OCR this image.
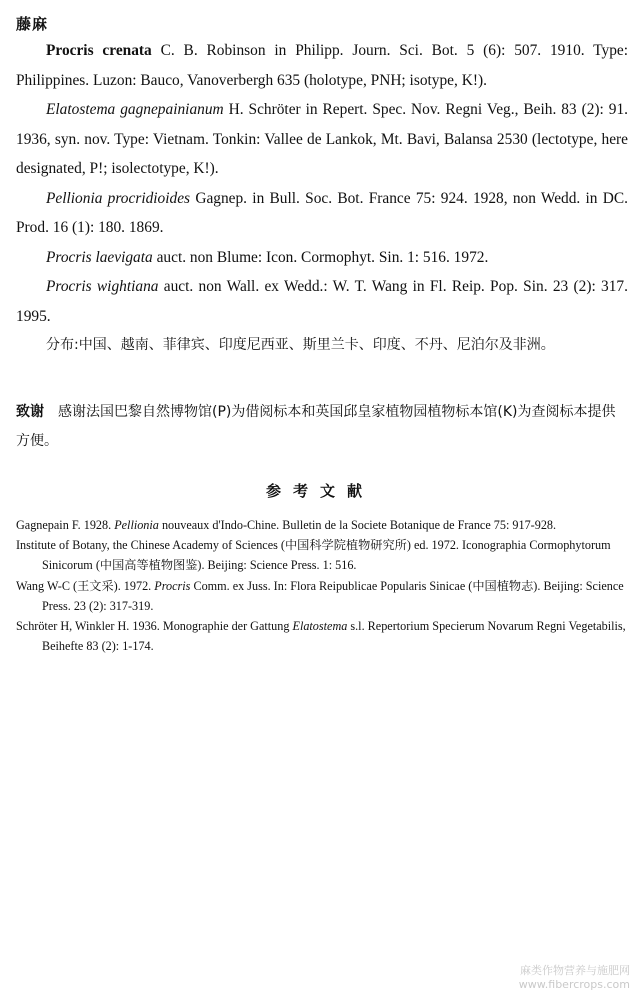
藤麻
Procris crenata C. B. Robinson in Philipp. Journ. Sci. Bot. 5 (6): 507. 1910. Type: Philippines. Luzon: Bauco, Vanoverbergh 635 (holotype, PNH; isotype, K!).
Elatostema gagnepainianum H. Schröter in Repert. Spec. Nov. Regni Veg., Beih. 83 (2): 91. 1936, syn. nov. Type: Vietnam. Tonkin: Vallee de Lankok, Mt. Bavi, Balansa 2530 (lectotype, here designated, P!; isolectotype, K!).
Pellionia procridioides Gagnep. in Bull. Soc. Bot. France 75: 924. 1928, non Wedd. in DC. Prod. 16 (1): 180. 1869.
Procris laevigata auct. non Blume: Icon. Cormophyt. Sin. 1: 516. 1972.
Procris wightiana auct. non Wall. ex Wedd.: W. T. Wang in Fl. Reip. Pop. Sin. 23 (2): 317. 1995.
分布:中国、越南、菲律宾、印度尼西亚、斯里兰卡、印度、不丹、尼泊尔及非洲。
致谢 感谢法国巴黎自然博物馆(P)为借阅标本和英国邱皇家植物园植物标本馆(K)为查阅标本提供方便。
参考文献

Gagnepain F. 1928. Pellionia nouveaux d'Indo-Chine. Bulletin de la Societe Botanique de France 75: 917-928.

Institute of Botany, the Chinese Academy of Sciences (中国科学院植物研究所) ed. 1972. Iconographia Cormophytorum Sinicorum (中国高等植物图鉴). Beijing: Science Press. 1: 516.

Wang W-C (王文采). 1972. Procris Comm. ex Juss. In: Flora Reipublicae Popularis Sinicae (中国植物志). Beijing: Science Press. 23 (2): 317-319.

Schröter H, Winkler H. 1936. Monographie der Gattung Elatostema s.l. Repertorium Specierum Novarum Regni Vegetabilis, Beihefte 83 (2): 1-174.

麻类作物营养与施肥网
www.fibercrops.com
